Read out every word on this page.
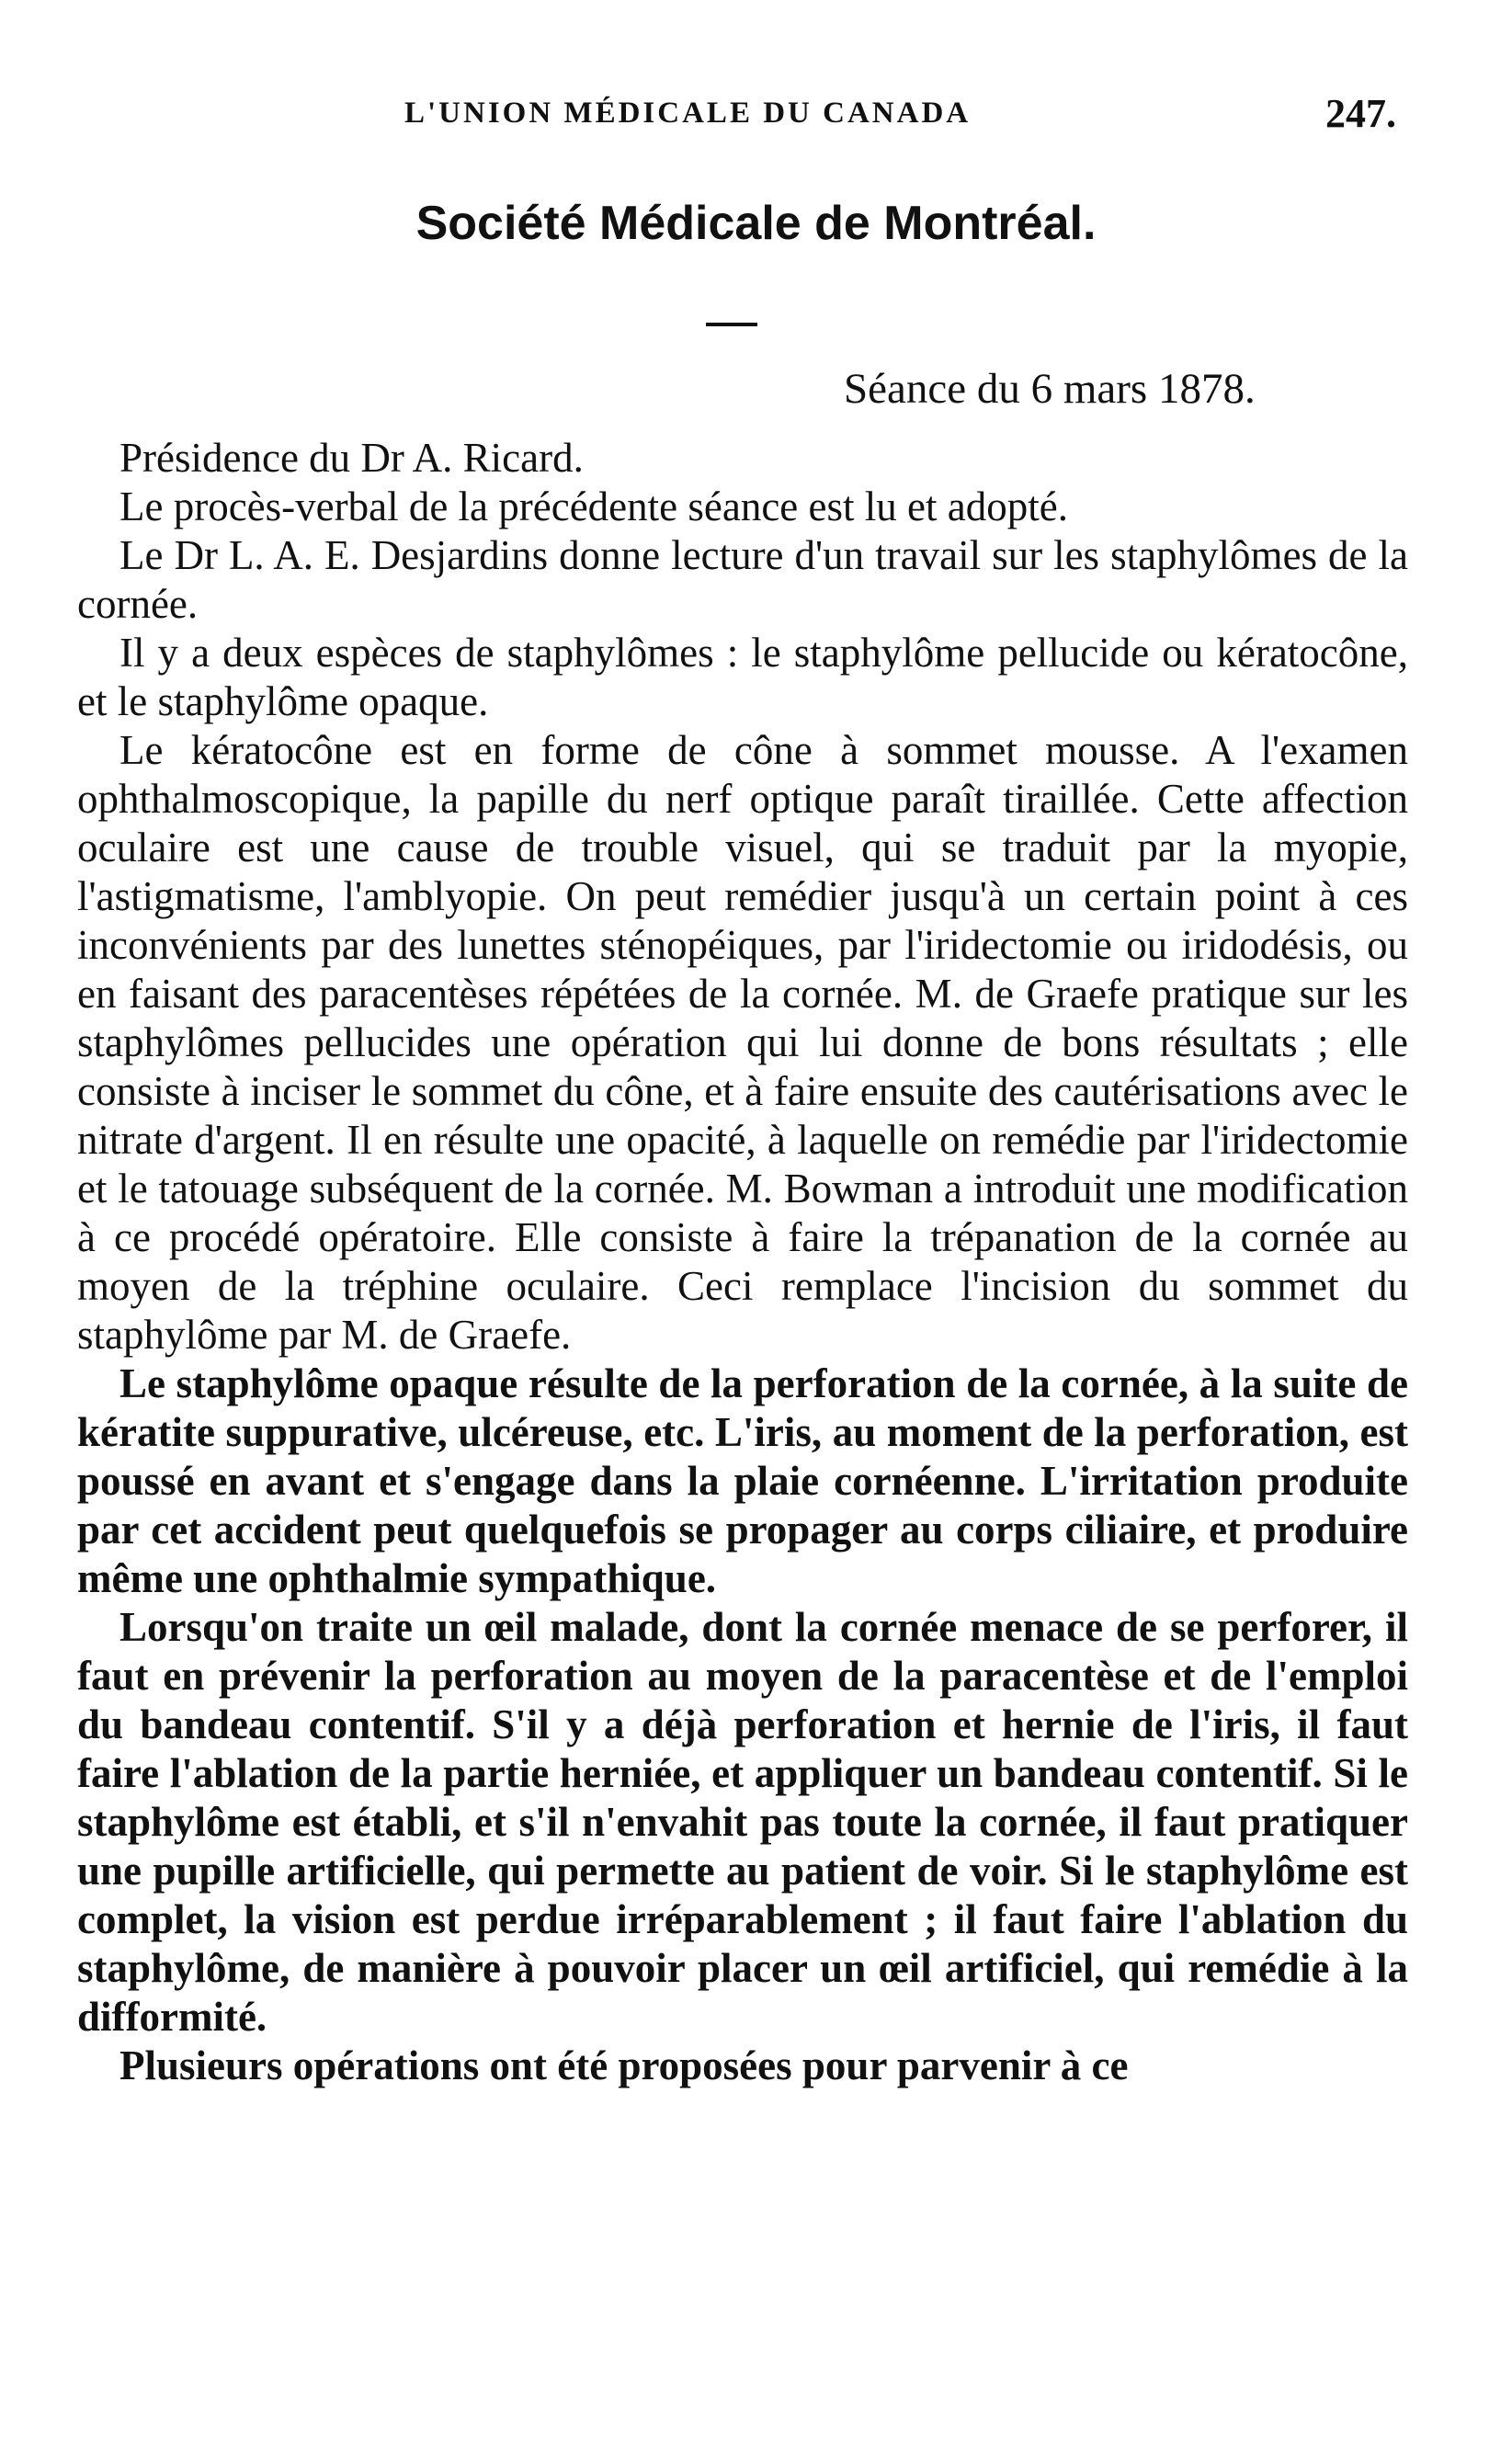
L'UNION MÉDICALE DU CANADA	247.
Société Médicale de Montréal.
Séance du 6 mars 1878.

Présidence du Dr A. Ricard.

Le procès-verbal de la précédente séance est lu et adopté.

Le Dr L. A. E. Desjardins donne lecture d'un travail sur les staphylômes de la cornée.

Il y a deux espèces de staphylômes : le staphylôme pellucide ou kératocône, et le staphylôme opaque.

Le kératocône est en forme de cône à sommet mousse. A l'examen ophthalmoscopique, la papille du nerf optique paraît tiraillée. Cette affection oculaire est une cause de trouble visuel, qui se traduit par la myopie, l'astigmatisme, l'amblyopie. On peut remédier jusqu'à un certain point à ces inconvénients par des lunettes sténopéiques, par l'iridectomie ou iridodésis, ou en faisant des paracentèses répétées de la cornée. M. de Graefe pratique sur les staphylômes pellucides une opération qui lui donne de bons résultats ; elle consiste à inciser le sommet du cône, et à faire ensuite des cautérisations avec le nitrate d'argent. Il en résulte une opacité, à laquelle on remédie par l'iridectomie et le tatouage subséquent de la cornée. M. Bowman a introduit une modification à ce procédé opératoire. Elle consiste à faire la trépanation de la cornée au moyen de la tréphine oculaire. Ceci remplace l'incision du sommet du staphylôme par M. de Graefe.

Le staphylôme opaque résulte de la perforation de la cornée, à la suite de kératite suppurative, ulcéreuse, etc. L'iris, au moment de la perforation, est poussé en avant et s'engage dans la plaie cornéenne. L'irritation produite par cet accident peut quelquefois se propager au corps ciliaire, et produire même une ophthalmie sympathique.

Lorsqu'on traite un œil malade, dont la cornée menace de se perforer, il faut en prévenir la perforation au moyen de la paracentèse et de l'emploi du bandeau contentif. S'il y a déjà perforation et hernie de l'iris, il faut faire l'ablation de la partie herniée, et appliquer un bandeau contentif. Si le staphylôme est établi, et s'il n'envahit pas toute la cornée, il faut pratiquer une pupille artificielle, qui permette au patient de voir. Si le staphylôme est complet, la vision est perdue irréparablement ; il faut faire l'ablation du staphylôme, de manière à pouvoir placer un œil artificiel, qui remédie à la difformité.

Plusieurs opérations ont été proposées pour parvenir à ce
